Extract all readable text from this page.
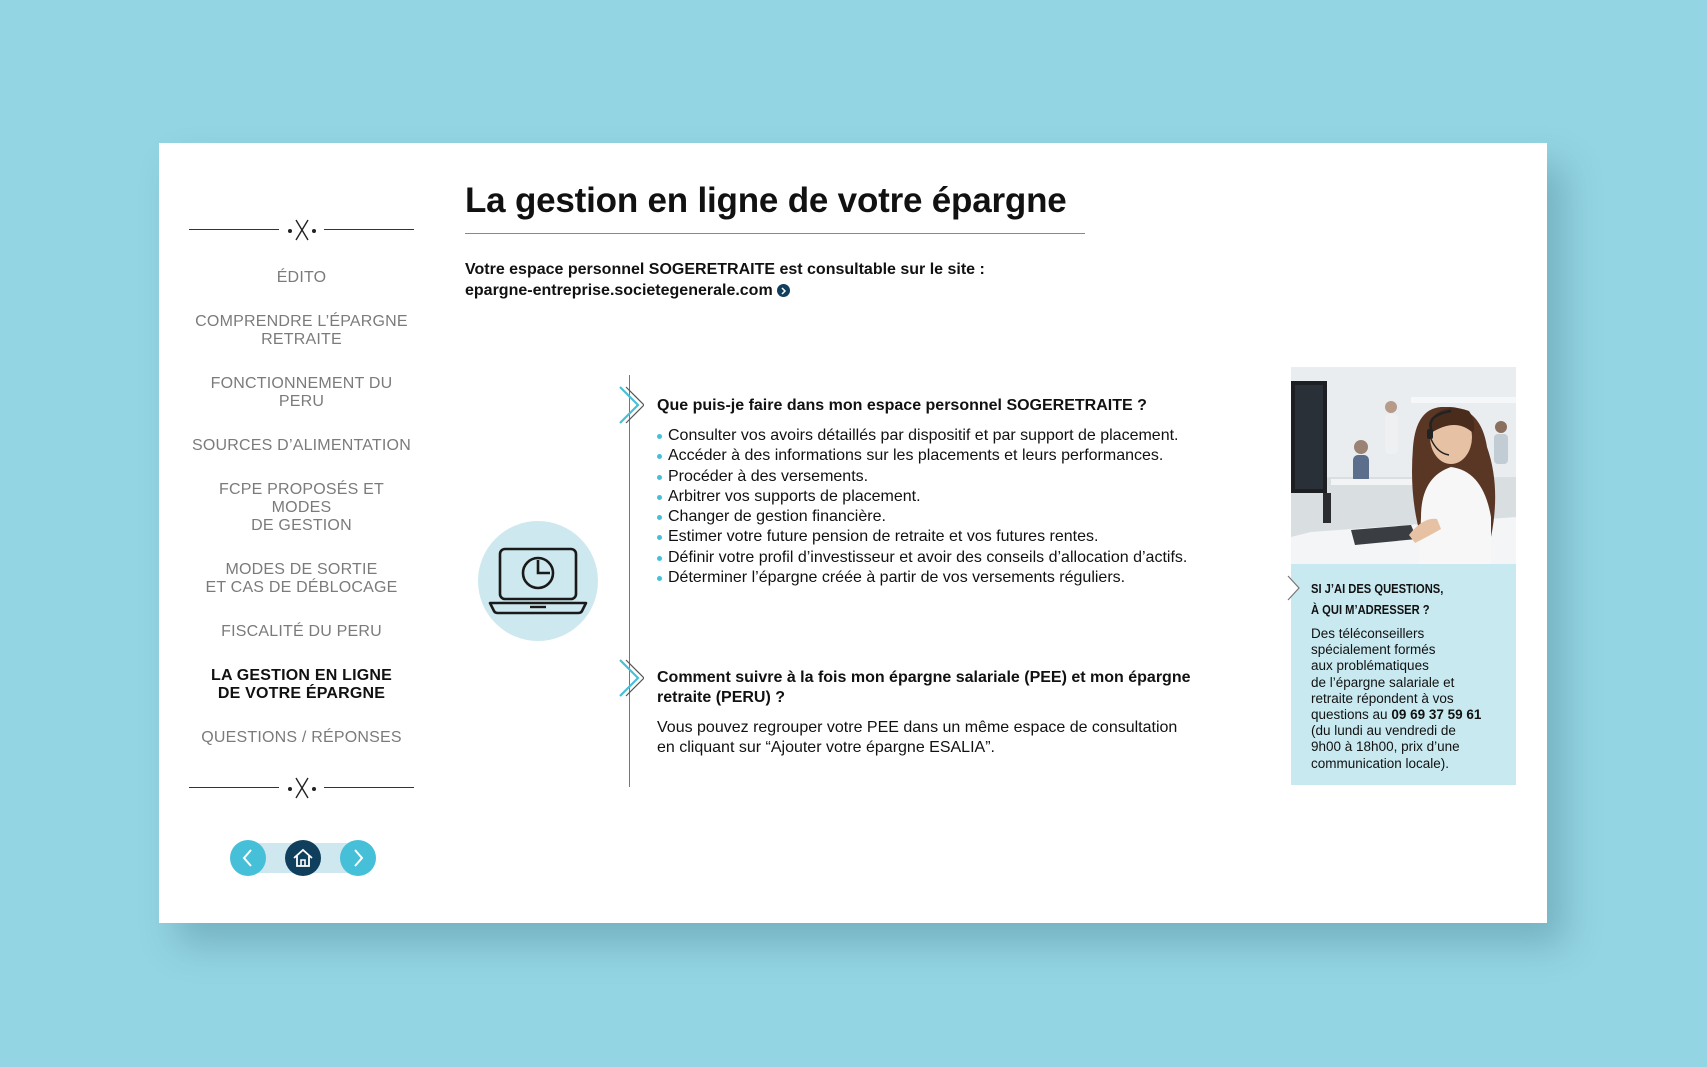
ÉDITO
COMPRENDRE L’ÉPARGNE
RETRAITE
FONCTIONNEMENT DU PERU
SOURCES D’ALIMENTATION
FCPE PROPOSÉS ET MODES
DE GESTION
MODES DE SORTIE
ET CAS DE DÉBLOCAGE
FISCALITÉ DU PERU
LA GESTION EN LIGNE
DE VOTRE ÉPARGNE
QUESTIONS / RÉPONSES
La gestion en ligne de votre épargne
Votre espace personnel SOGERETRAITE est consultable sur le site :
epargne-entreprise.societegenerale.com

Que puis-je faire dans mon espace personnel SOGERETRAITE ?

Consulter vos avoirs détaillés par dispositif et par support de placement.
Accéder à des informations sur les placements et leurs performances.
Procéder à des versements.
Arbitrer vos supports de placement.
Changer de gestion financière.
Estimer votre future pension de retraite et vos futures rentes.
Définir votre profil d’investisseur et avoir des conseils d’allocation d’actifs.
Déterminer l’épargne créée à partir de vos versements réguliers.

Comment suivre à la fois mon épargne salariale (PEE) et mon épargne
retraite (PERU) ?

Vous pouvez regrouper votre PEE dans un même espace de consultation
en cliquant sur “Ajouter votre épargne ESALIA”.

SI J’AI DES QUESTIONS,
À QUI M’ADRESSER ?

Des téléconseillers
spécialement formés
aux problématiques
de l’épargne salariale et
retraite répondent à vos
questions au 09 69 37 59 61
(du lundi au vendredi de
9h00 à 18h00, prix d’une
communication locale).
